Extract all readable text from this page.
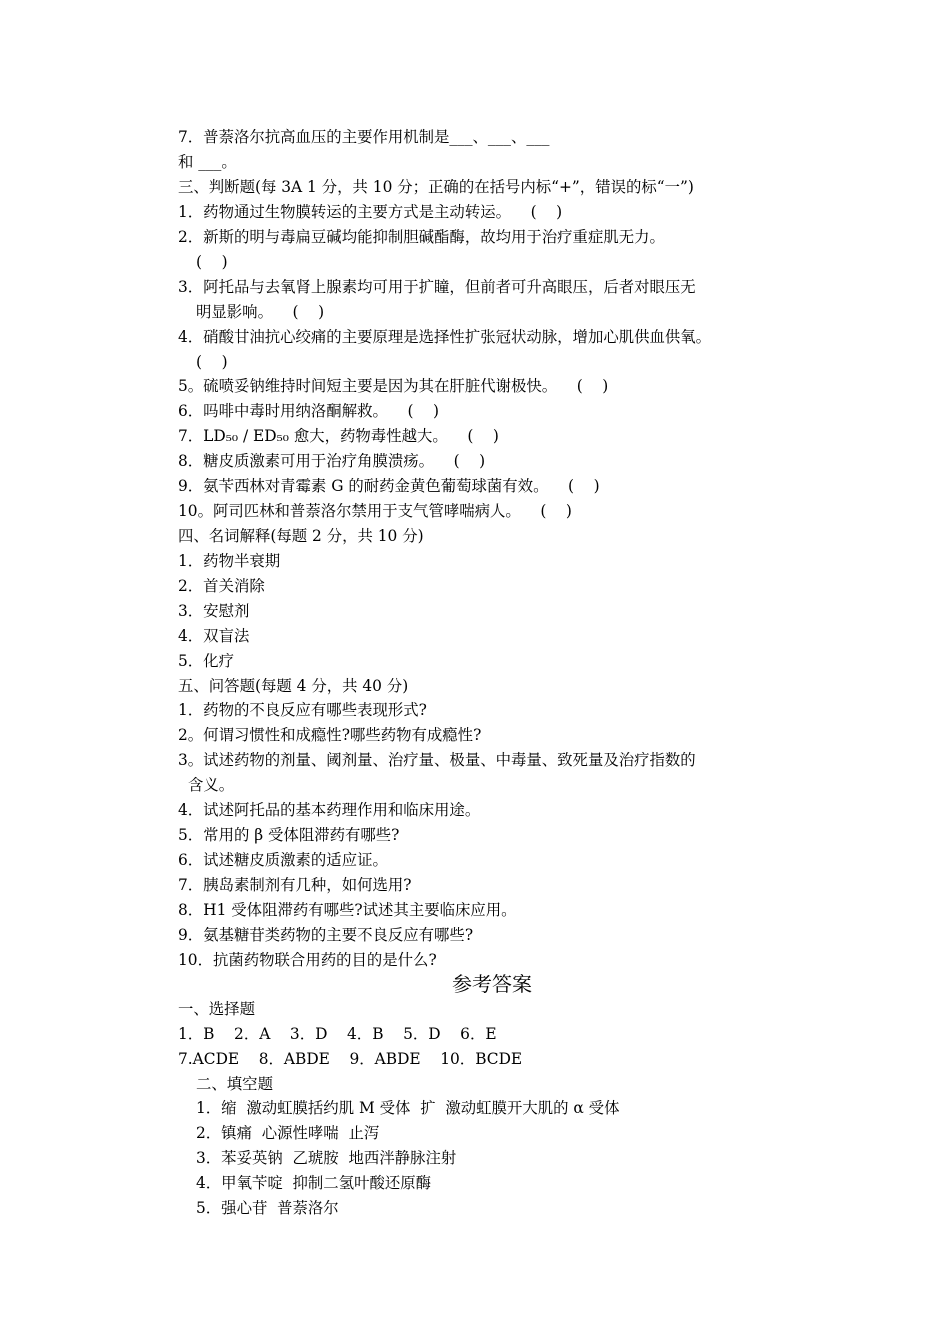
7．普萘洛尔抗高血压的主要作用机制是___、___、___
和 ___。
三、判断题(每 3A 1 分，共 10 分；正确的在括号内标“+”，错误的标“一”)
1．药物通过生物膜转运的主要方式是主动转运。    (    )
2．新斯的明与毒扁豆碱均能抑制胆碱酯酶，故均用于治疗重症肌无力。
(    )
3．阿托品与去氧肾上腺素均可用于扩瞳，但前者可升高眼压，后者对眼压无
明显影响。    (    )
4．硝酸甘油抗心绞痛的主要原理是选择性扩张冠状动脉，增加心肌供血供氧。
(    )
5。硫喷妥钠维持时间短主要是因为其在肝脏代谢极快。    (    )
6．吗啡中毒时用纳洛酮解救。    (    )
7．LD₅₀ / ED₅₀ 愈大，药物毒性越大。    (    )
8．糖皮质激素可用于治疗角膜溃疡。    (    )
9．氨苄西林对青霉素 G 的耐药金黄色葡萄球菌有效。    (    )
10。阿司匹林和普萘洛尔禁用于支气管哮喘病人。    (    )
四、名词解释(每题 2 分，共 10 分)
1．药物半衰期
2．首关消除
3．安慰剂
4．双盲法
5．化疗
五、问答题(每题 4 分，共 40 分)
1．药物的不良反应有哪些表现形式?
2。何谓习惯性和成瘾性?哪些药物有成瘾性?
3。试述药物的剂量、阈剂量、治疗量、极量、中毒量、致死量及治疗指数的
含义。
4．试述阿托品的基本药理作用和临床用途。
5．常用的 β 受体阻滞药有哪些?
6．试述糖皮质激素的适应证。
7．胰岛素制剂有几种，如何选用?
8．H1 受体阻滞药有哪些?试述其主要临床应用。
9．氨基糖苷类药物的主要不良反应有哪些?
10．抗菌药物联合用药的目的是什么?
参考答案
一、选择题
1．B    2．A    3．D    4．B    5．D    6．E
7.ACDE    8．ABDE    9．ABDE    10．BCDE
二、填空题
1．缩  激动虹膜括约肌 M 受体  扩  激动虹膜开大肌的 α 受体
2．镇痛  心源性哮喘  止泻
3．苯妥英钠  乙琥胺  地西泮静脉注射
4．甲氧苄啶  抑制二氢叶酸还原酶
5．强心苷  普萘洛尔
